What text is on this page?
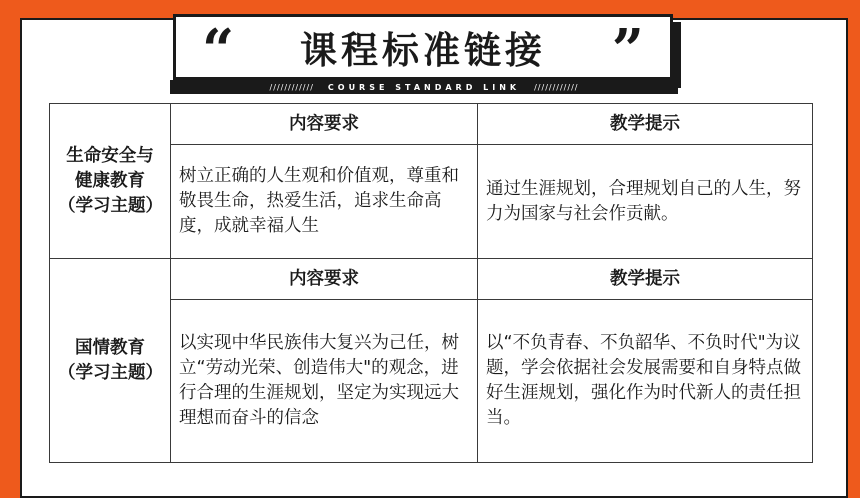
“ 课程标准链接 ”
//////////// COURSE STANDARD LINK ////////////
生命安全与
健康教育
（学习主题）	内容要求	教学提示
	树立正确的人生观和价值观，尊重和敬畏生命，热爱生活，追求生命高度，成就幸福人生	通过生涯规划，合理规划自己的人生，努力为国家与社会作贡献。

国情教育
（学习主题）	内容要求	教学提示
	以实现中华民族伟大复兴为己任，树立“劳动光荣、创造伟大"的观念，进行合理的生涯规划，坚定为实现远大理想而奋斗的信念	以“不负青春、不负韶华、不负时代"为议题，学会依据社会发展需要和自身特点做好生涯规划，强化作为时代新人的责任担当。
